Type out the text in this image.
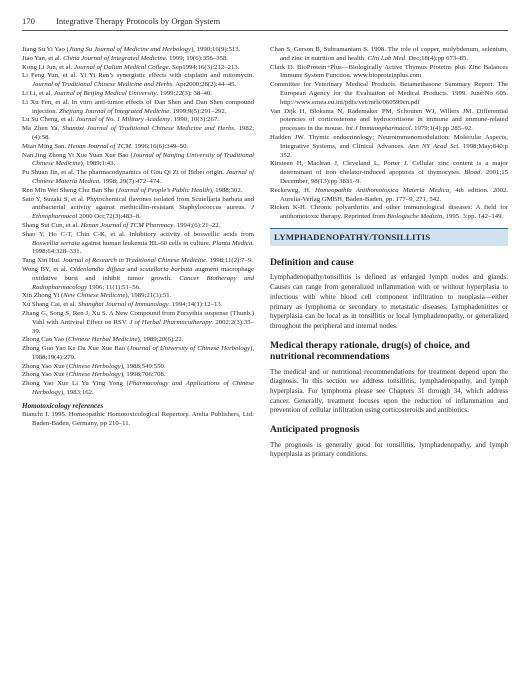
170 Integrative Therapy Protocols by Organ System
Jiang Su Yi Yao (Jiang Su Journal of Medicine and Herbology), 1990;16(9):513.
Jiao Yan, et al. China Journal of Integrated Medicine. 1999; 19(6):356–358.
Kong Li Jun, et al. Journal of Dalian Medical College. Sep1994;16(3):212–213.
Li Feng Yun, et al. Yi Yi Ren’s synergistic effects with cisplatin and mitomycin. Journal of Traditional Chinese Medicine and Herbs. Apr2000;28(2):44–45.
Li Li, et al. Journal of Beijing Medical University. 1999;22(3): 38–40.
Li Xu Fen, et al. In vitro anti-tumor effects of Dan Shen and Dan Shen compound injection. Zhejiang Journal of Integrated Medicine. 1999;9(5):291–292.
Lu Su Cheng, et al. Journal of No. 1 Military Academy. 1990; 10(3):267.
Ma Zhen Ya. Shannxi Journal of Traditional Chinese Medicine and Herbs. 1982;(4):58.
Miao Ming San. Henan Journal of TCM. 1996;16(6):349–50.
Nan Jing Zhong Yi Xue Yuan Xue Bao (Journal of Nanjing University of Traditional Chinese Medicine), 1989;1:43.
Pu Shuan Jin, et al. The pharmacodynamics of Gou Qi Zi of Hebei origin. Journal of Chinese Materia Medica. 1998; 29(7):472–474.
Ren Min Wei Sheng Chu Ban She (Journal of People’s Public Health), 1988;302.
Sato Y, Suzaki S, et al. Phytochemical flavones isolated from Scutellaria barbata and antibacterial activity against methicillin-resistant Staphylococcus aureus. J Ethnopharmacol 2000 Oct;72(3):483–8.
Shang Sui Cun, et al. Henan Journal of TCM Pharmacy. 1994;(6):21–22.
Shao Y, Ho C-T, Chin C-K, et al. Inhibitory activity of boswellic acids from Boswellia serrata against human leukemia HL-60 cells in culture. Planta Medica. 1998;64:328–331.
Tang Xin Hui. Journal of Research in Traditional Chinese Medicine. 1998;11(2):7–9.
Wong BY, et al. Oldenlandia diffusa and scutellaria barbata augment macrophage oxidative burst and inhibit tumor growth. Cancer Biotherapy and Radiopharmacology 1996; 11(1):51–56.
Xin Zhong Yi (New Chinese Medicine), 1989;21(3):51.
Xu Shang Cai, et al. Shanghai Journal of Immunology. 1994;14(1):12–13.
Zhang G, Song S, Ren J, Xu S. A New Compound from Forsythia suspense (Thunb.) Vahl with Antiviral Effect on RSV. J of Herbal Pharmacotherapy. 2002;2(3):35–39.
Zhong Cao Yao (Chinese Herbal Medicine), 1989;20(6):22.
Zhong Guo Yao Ke Da Xue Xue Bao (Journal of University of Chinese Herbology), 1988;19(4):279.
Zhong Yao Xue (Chinese Herbology), 1988;549:550.
Zhong Yao Xue (Chinese Herbology), 1998;706:708.
Zhong Yao Xue Li Yu Ying Yong (Pharmacology and Applications of Chinese Herbology), 1983;162.
Homotoxicology references
Bianchi I. 1995. Homeopathic Homotoxicological Repertory. Arelia Publishers, Ltd: Baden-Baden, Germany, pp 210–11.
Chan S, Gerson B, Subramaniam S. 1998. The role of copper, molybdenum, selenium, and zinc in nutrition and health. Clin Lab Med. Dec;18(4):pp 673–85.
Clark D. BioProtein+Plus—Biologically Active Thymus Proteins plus Zinc Balances Immune System Function. www.bioproteinplus.com
Committee for Veterinary Medical Products. Betamethasone Summary Report: The European Agency for the Evaluation of Medical Products. 1999. June:No 605. http://www.emea.eu.int/pdfs/vet/mrls/060599en.pdf
Van Dijk H, Bloksma N, Rademaker PM, Schouten WJ, Willers JM. Differential potencies of corticosterone and hydrocortisone in immune and immune-related processes in the mouse. Int J Immunopharmacol. 1979;1(4):pp 285–92.
Hadden JW. Thymic endocrinology; Neuroimmunomodulation: Molecular Aspects, Integrative Systems, and Clinical Advances. Ann NY Acad Sci. 1998;May;840:p 352.
Kirsteen H, Maclean J, Cleveland L, Porter J. Cellular zinc content is a major determinant of iron chelator-induced apoptosis of thymocytes. Blood. 2001;15 December, 98(13):pp 3831–9.
Reckeweg, H. Homeopathia Antihomotoxica Materia Medica, 4th edition. 2002. Aurelia-Verlag GMBH, Baden-Baden, pp. 177–9, 271, 542.
Ricken K-H. Chronic polyarthritis and other immunological diseases: A field for antihomotoxic therapy. Reprinted from Biologische Medizin, 1995. 3:pp. 142–149.
LYMPHADENOPATHY/TONSILLITIS
Definition and cause
Lymphadenopathy/tonsillitis is defined as enlarged lymph nodes and glands. Causes can range from generalized inflammation with or without hyperplasia to infectious with white blood cell component infiltration to neoplasia—either primary as lymphoma or secondary to metastatic diseases. Lymphadenitites or hyperplasia can be local as in tonsillitis or local lymphadenopathy, or generalized throughout the peripheral and internal nodes.
Medical therapy rationale, drug(s) of choice, and nutritional recommendations
The medical and or nutritional recommendations for treatment depend upon the diagnosis. In this section we address tonsillitis, lymphadenopathy, and lymph hyperplasia. For lymphoma please see Chapters 31 through 34, which address cancer. Generally, treatment focuses upon the reduction of inflammation and prevention of cellular infiltration using corticosteroids and antibiotics.
Anticipated prognosis
The prognosis is generally good for tonsillitis, lymphadenopathy, and lymph hyperplasia as primary conditions.
